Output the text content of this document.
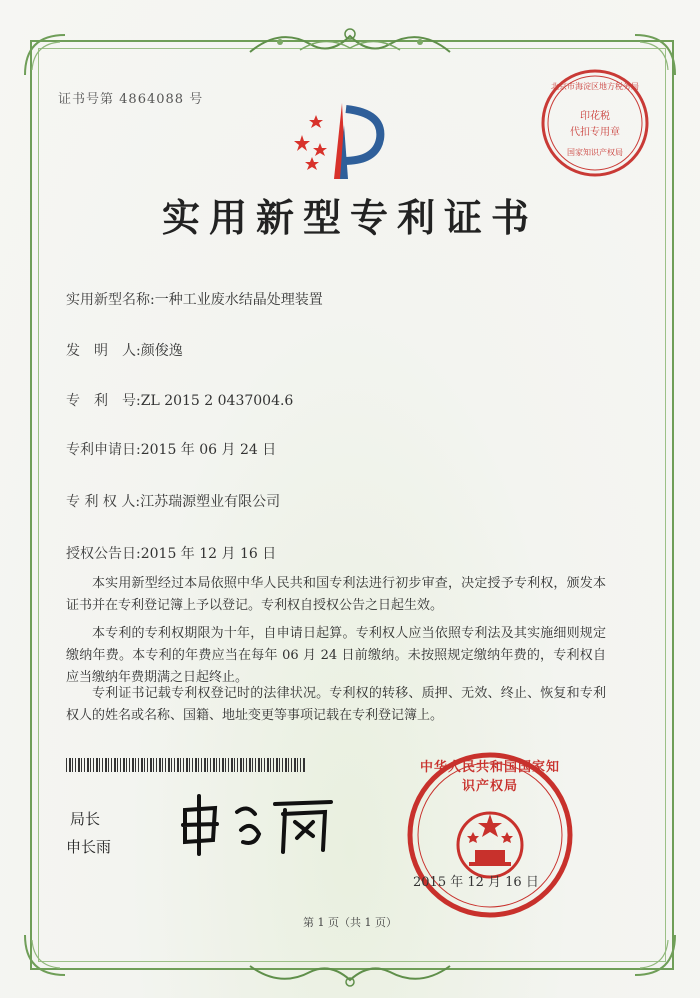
证书号第 4864088 号
北京市海淀区地方税务局
印花税
代扣专用章
国家知识产权局
实用新型专利证书
实用新型名称:一种工业废水结晶处理装置
发　明　人:颜俊逸
专　利　号:ZL 2015 2 0437004.6
专利申请日:2015 年 06 月 24 日
专 利 权 人:江苏瑞源塑业有限公司
授权公告日:2015 年 12 月 16 日
本实用新型经过本局依照中华人民共和国专利法进行初步审查，决定授予专利权，颁发本证书并在专利登记簿上予以登记。专利权自授权公告之日起生效。
本专利的专利权期限为十年，自申请日起算。专利权人应当依照专利法及其实施细则规定缴纳年费。本专利的年费应当在每年 06 月 24 日前缴纳。未按照规定缴纳年费的，专利权自应当缴纳年费期满之日起终止。
专利证书记载专利权登记时的法律状况。专利权的转移、质押、无效、终止、恢复和专利权人的姓名或名称、国籍、地址变更等事项记载在专利登记簿上。
局长
申长雨
中华人民共和国国家知识产权局
2015 年 12 月 16 日
第 1 页（共 1 页）
